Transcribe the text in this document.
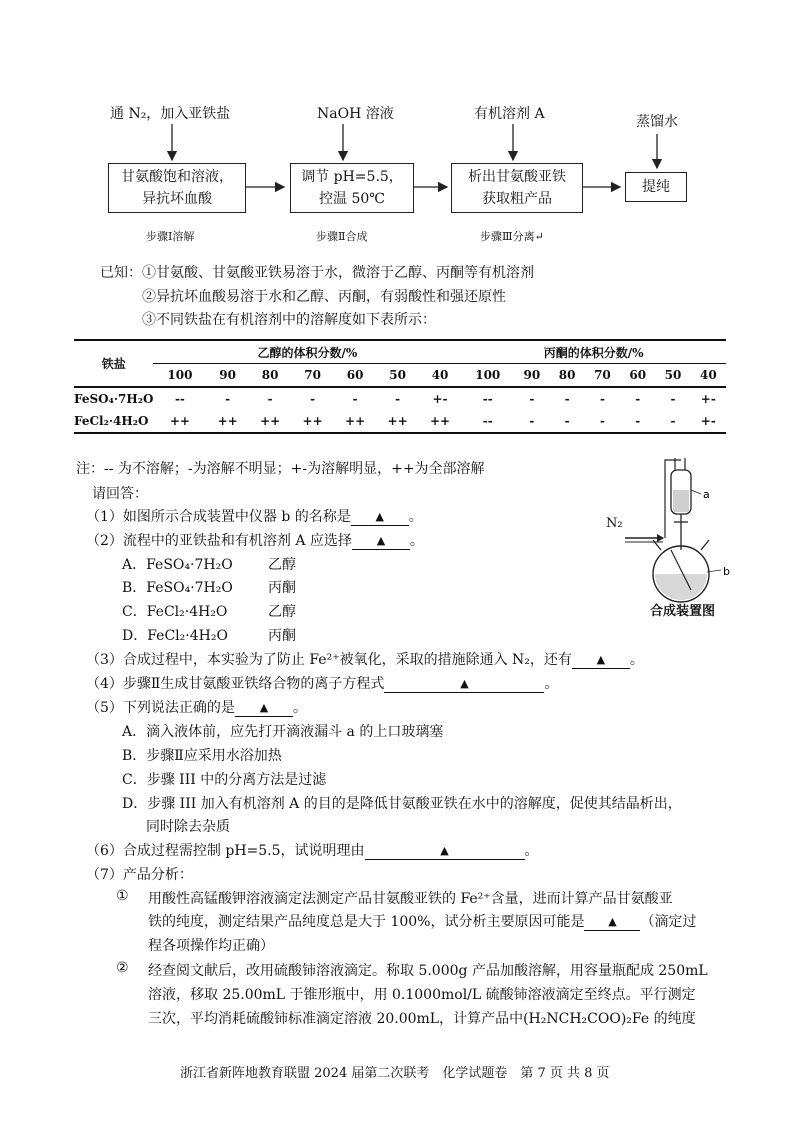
通 N₂，加入亚铁盐	NaOH 溶液	有机溶剂 A	蒸馏水
甘氨酸饱和溶液，
异抗坏血酸
调节 pH=5.5，
控温 50℃
析出甘氨酸亚铁
获取粗产品
提纯
步骤Ⅰ溶解	步骤Ⅱ合成	步骤Ⅲ分离↵
已知： ①甘氨酸、甘氨酸亚铁易溶于水，微溶于乙醇、丙酮等有机溶剂
②异抗坏血酸易溶于水和乙醇、丙酮，有弱酸性和强还原性
③不同铁盐在有机溶剂中的溶解度如下表所示：
铁盐	乙醇的体积分数/%							丙酮的体积分数/%						
	100	90	80	70	60	50	40	100	90	80	70	60	50	40
FeSO₄·7H₂O	--	-	-	-	-	-	+-	--	-	-	-	-	-	+-
FeCl₂·4H₂O	++	++	++	++	++	++	++	--	-	-	-	-	-	+-
注：-- 为不溶解；-为溶解不明显；+-为溶解明显，++为全部溶解
a
b
N₂
合成装置图
请回答：
（1）如图所示合成装置中仪器 b 的名称是 ▲ 。
（2）流程中的亚铁盐和有机溶剂 A 应选择 ▲ 。
A．FeSO₄·7H₂O	乙醇
B．FeSO₄·7H₂O	丙酮
C．FeCl₂·4H₂O	乙醇
D．FeCl₂·4H₂O	丙酮
（3）合成过程中，本实验为了防止 Fe²⁺被氧化，采取的措施除通入 N₂，还有 ▲ 。
（4）步骤Ⅱ生成甘氨酸亚铁络合物的离子方程式	▲	。
（5）下列说法正确的是 ▲ 。
A．滴入液体前，应先打开滴液漏斗 a 的上口玻璃塞
B．步骤Ⅱ应采用水浴加热
C．步骤 III 中的分离方法是过滤
D．步骤 III 加入有机溶剂 A 的目的是降低甘氨酸亚铁在水中的溶解度，促使其结晶析出，
同时除去杂质
（6）合成过程需控制 pH=5.5，试说明理由	▲	。
（7）产品分析：
① 用酸性高锰酸钾溶液滴定法测定产品甘氨酸亚铁的 Fe²⁺含量，进而计算产品甘氨酸亚
铁的纯度，测定结果产品纯度总是大于 100%，试分析主要原因可能是 ▲ （滴定过
程各项操作均正确）
② 经查阅文献后，改用硫酸铈溶液滴定。称取 5.000g 产品加酸溶解，用容量瓶配成 250mL
溶液，移取 25.00mL 于锥形瓶中，用 0.1000mol/L 硫酸铈溶液滴定至终点。平行测定
三次，平均消耗硫酸铈标准滴定溶液 20.00mL，计算产品中(H₂NCH₂COO)₂Fe 的纯度
浙江省新阵地教育联盟 2024 届第二次联考　化学试题卷　第 7 页 共 8 页
